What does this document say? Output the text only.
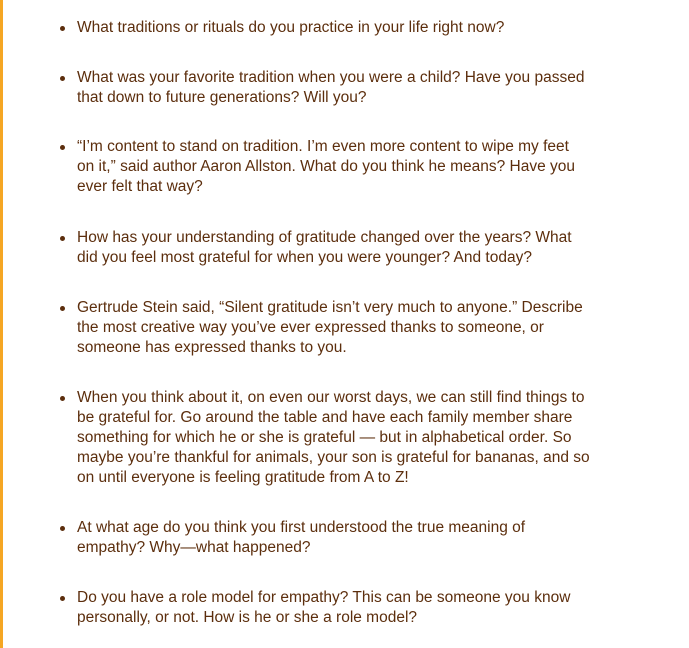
What traditions or rituals do you practice in your life right now?
What was your favorite tradition when you were a child? Have you passed
that down to future generations? Will you?
“I’m content to stand on tradition. I’m even more content to wipe my feet
on it,” said author Aaron Allston. What do you think he means? Have you
ever felt that way?
How has your understanding of gratitude changed over the years? What
did you feel most grateful for when you were younger? And today?
Gertrude Stein said, “Silent gratitude isn’t very much to anyone.” Describe
the most creative way you’ve ever expressed thanks to someone, or
someone has expressed thanks to you.
When you think about it, on even our worst days, we can still find things to
be grateful for. Go around the table and have each family member share
something for which he or she is grateful — but in alphabetical order. So
maybe you’re thankful for animals, your son is grateful for bananas, and so
on until everyone is feeling gratitude from A to Z!
At what age do you think you first understood the true meaning of
empathy? Why—what happened?
Do you have a role model for empathy? This can be someone you know
personally, or not. How is he or she a role model?
